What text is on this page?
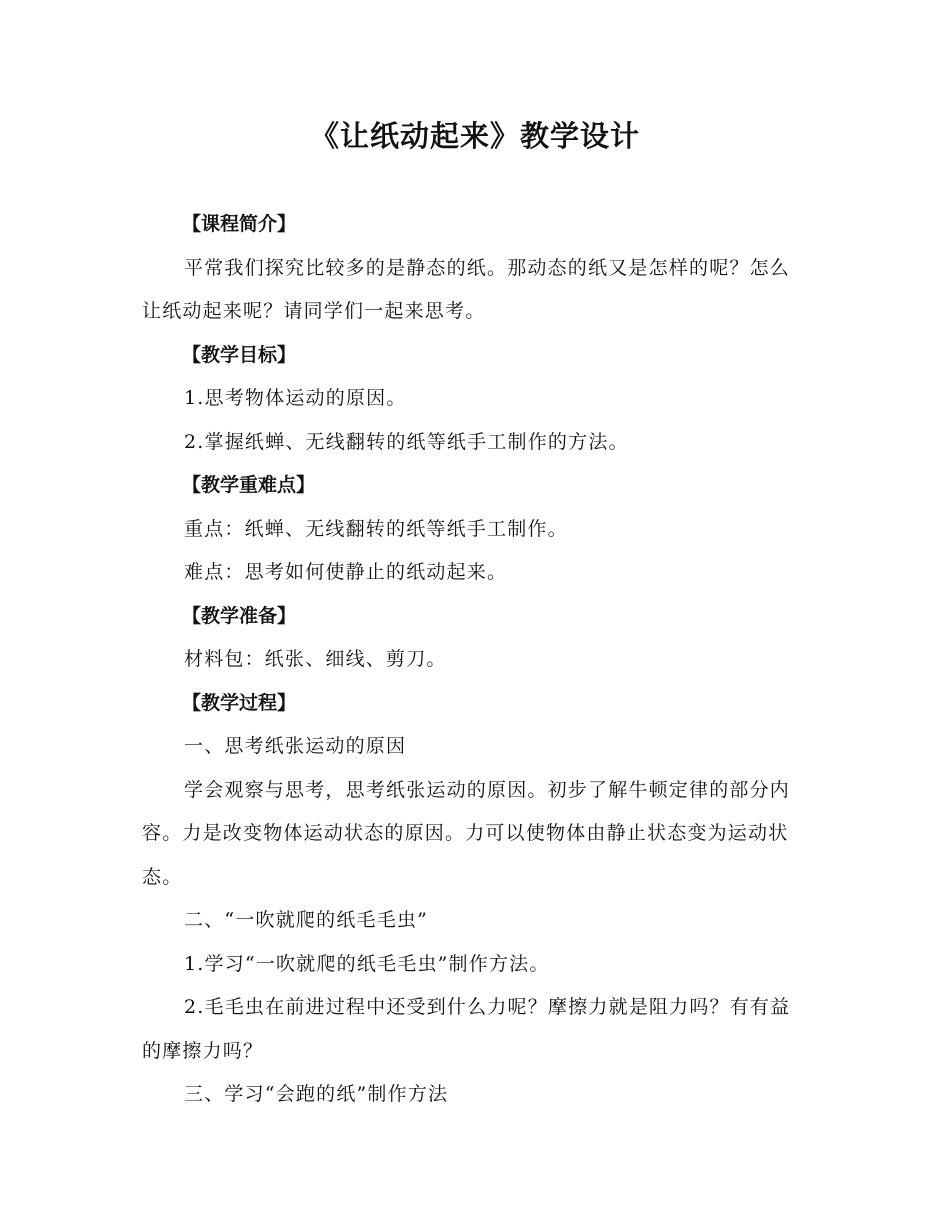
《让纸动起来》教学设计

【课程简介】

平常我们探究比较多的是静态的纸。那动态的纸又是怎样的呢？怎么让纸动起来呢？请同学们一起来思考。

【教学目标】

1.思考物体运动的原因。

2.掌握纸蝉、无线翻转的纸等纸手工制作的方法。

【教学重难点】

重点：纸蝉、无线翻转的纸等纸手工制作。

难点：思考如何使静止的纸动起来。

【教学准备】

材料包：纸张、细线、剪刀。

【教学过程】

一、思考纸张运动的原因

学会观察与思考，思考纸张运动的原因。初步了解牛顿定律的部分内容。力是改变物体运动状态的原因。力可以使物体由静止状态变为运动状态。

二、“一吹就爬的纸毛毛虫”

1.学习“一吹就爬的纸毛毛虫”制作方法。

2.毛毛虫在前进过程中还受到什么力呢？摩擦力就是阻力吗？有有益的摩擦力吗？

三、学习“会跑的纸”制作方法
